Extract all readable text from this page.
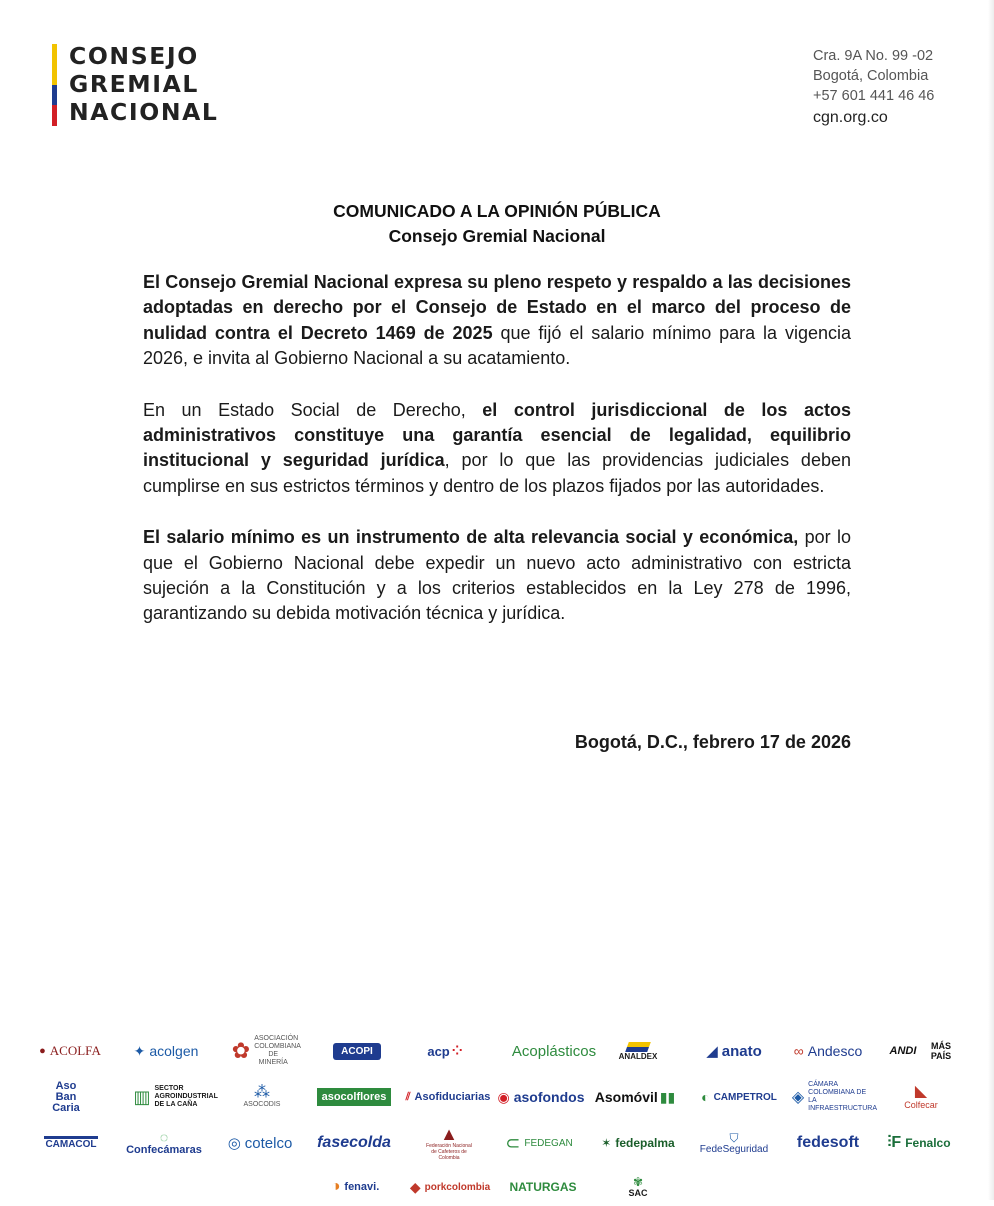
CONSEJO
GREMIAL
NACIONAL
Cra. 9A No. 99 -02
Bogotá, Colombia
+57 601 441 46 46
cgn.org.co
COMUNICADO A LA OPINIÓN PÚBLICA
Consejo Gremial Nacional

El Consejo Gremial Nacional expresa su pleno respeto y respaldo a las decisiones adoptadas en derecho por el Consejo de Estado en el marco del proceso de nulidad contra el Decreto 1469 de 2025 que fijó el salario mínimo para la vigencia 2026, e invita al Gobierno Nacional a su acatamiento.

En un Estado Social de Derecho, el control jurisdiccional de los actos administrativos constituye una garantía esencial de legalidad, equilibrio institucional y seguridad jurídica, por lo que las providencias judiciales deben cumplirse en sus estrictos términos y dentro de los plazos fijados por las autoridades.

El salario mínimo es un instrumento de alta relevancia social y económica, por lo que el Gobierno Nacional debe expedir un nuevo acto administrativo con estricta sujeción a la Constitución y a los criterios establecidos en la Ley 278 de 1996, garantizando su debida motivación técnica y jurídica.

Bogotá, D.C., febrero 17 de 2026
● ACOLFA ✦ acolgen ✿ ASOCIACIÓN COLOMBIANA DE MINERÍA
ACOPI	acp ⁘	Acoplásticos	ANALDEX	◢ anato ∞ Andesco ANDI	MÁS PAÍS
Aso Ban Caria
▥ SECTOR AGROINDUSTRIAL DE LA CAÑA
⁂
ASOCODIS
asocolflores	⫽ Asofiduciarias ◉ asofondos Asomóvil ▮▮ ◐ CAMPETROL ◈
CÁMARA COLOMBIANA DE LA INFRAESTRUCTURA
◣
Colfecar
CAMACOL	◌
Confecámaras ◎ cotelco fasecolda	▲
Federación Nacional de Cafeteros de Colombia
⊂ FEDEGAN ✶ fedepalma	⛉
FedeSeguridad fedesoft ⫶F Fenalco
◑ fenavi. ◆ porkcolombia NATURGAS	✾
SAC
